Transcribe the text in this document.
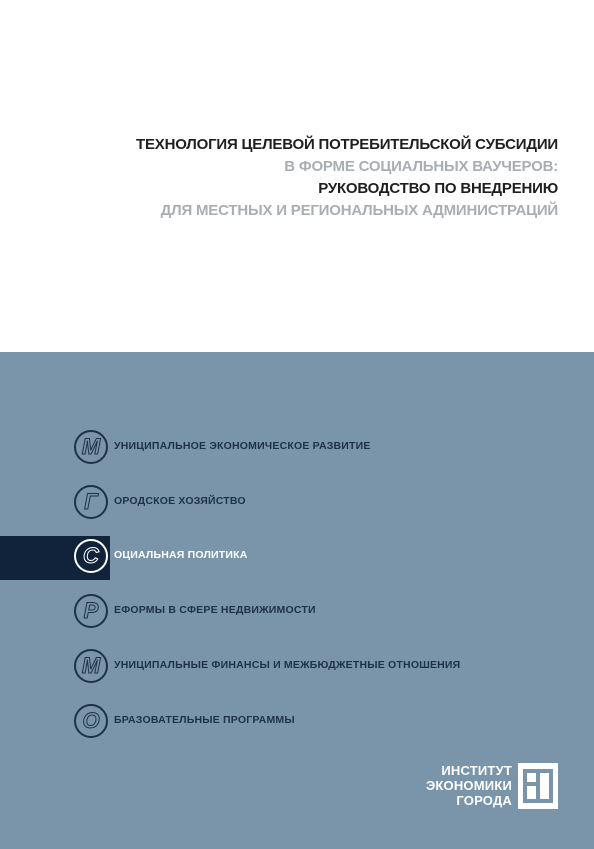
ТЕХНОЛОГИЯ ЦЕЛЕВОЙ ПОТРЕБИТЕЛЬСКОЙ СУБСИДИИ
В ФОРМЕ СОЦИАЛЬНЫХ ВАУЧЕРОВ:
РУКОВОДСТВО ПО ВНЕДРЕНИЮ
ДЛЯ МЕСТНЫХ И РЕГИОНАЛЬНЫХ АДМИНИСТРАЦИЙ
М	УНИЦИПАЛЬНОЕ ЭКОНОМИЧЕСКОЕ РАЗВИТИЕ
Г	ОРОДСКОЕ ХОЗЯЙСТВО
С	ОЦИАЛЬНАЯ ПОЛИТИКА
Р	ЕФОРМЫ В СФЕРЕ НЕДВИЖИМОСТИ
М	УНИЦИПАЛЬНЫЕ ФИНАНСЫ И МЕЖБЮДЖЕТНЫЕ ОТНОШЕНИЯ
О	БРАЗОВАТЕЛЬНЫЕ ПРОГРАММЫ
ИНСТИТУТ
ЭКОНОМИКИ
ГОРОДА
